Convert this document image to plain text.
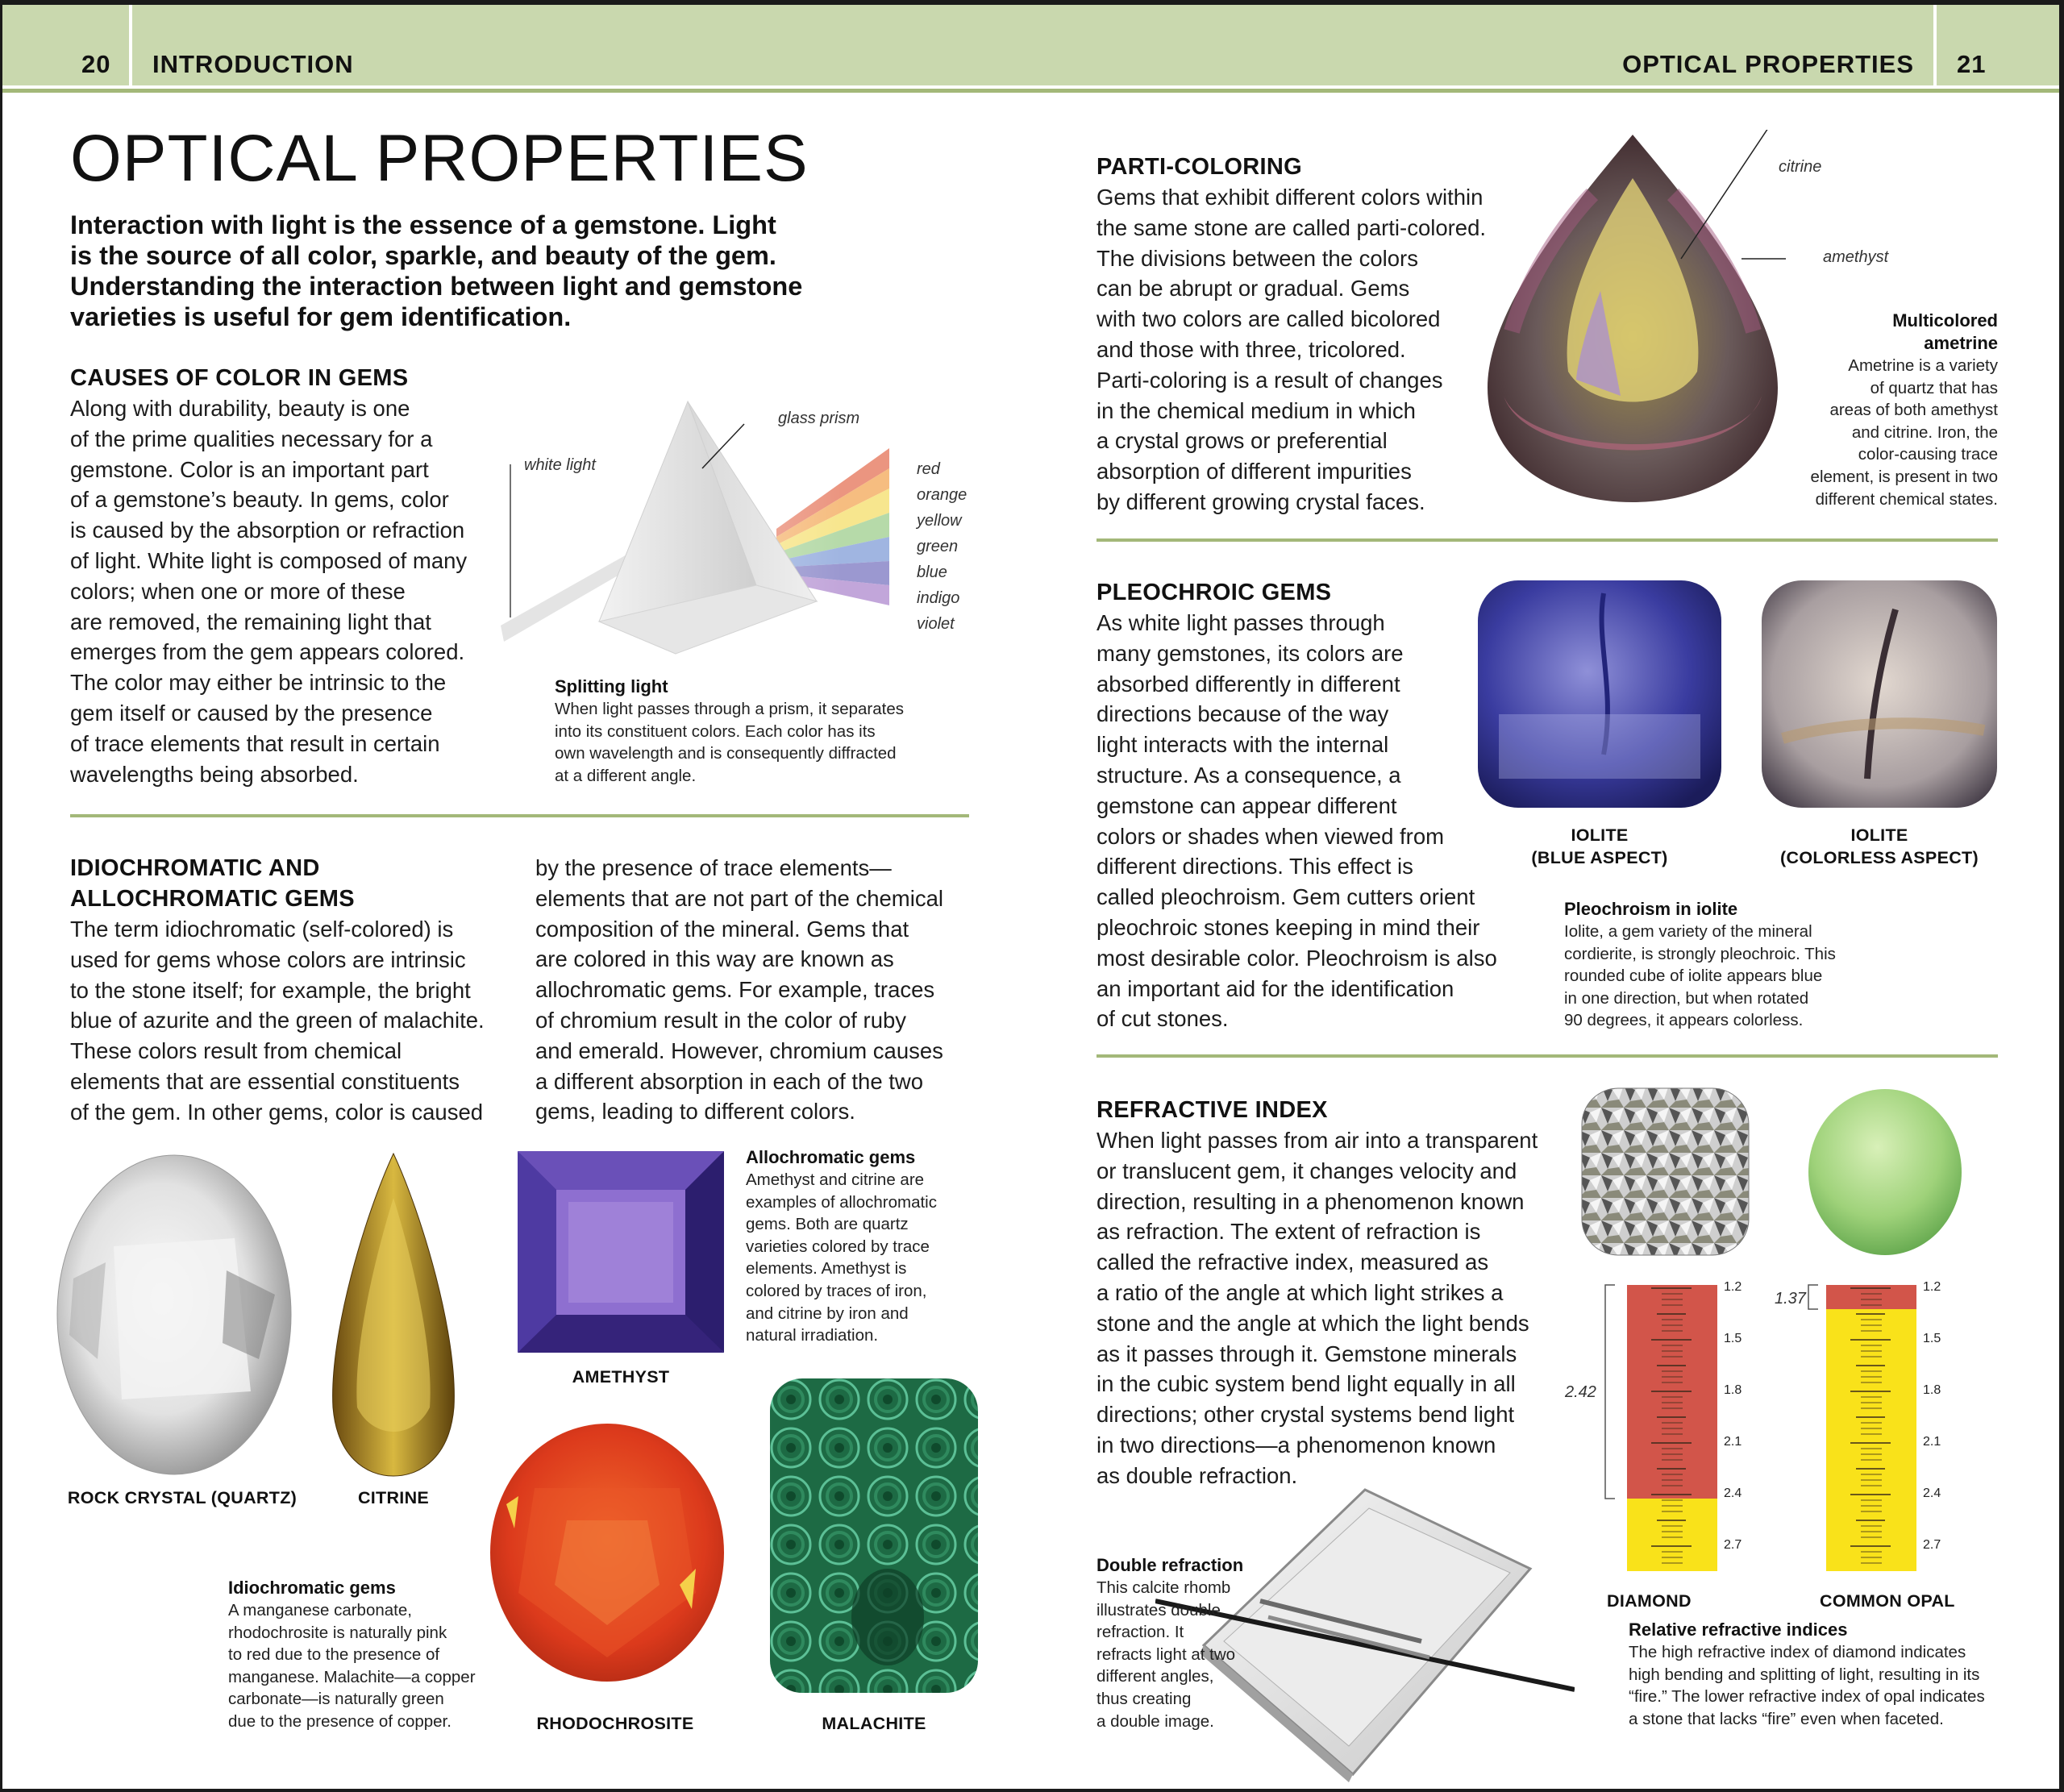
20 INTRODUCTION	OPTICAL PROPERTIES 21
OPTICAL PROPERTIES
Interaction with light is the essence of a gemstone. Light
is the source of all color, sparkle, and beauty of the gem.
Understanding the interaction between light and gemstone
varieties is useful for gem identification.
CAUSES OF COLOR IN GEMS
Along with durability, beauty is one
of the prime qualities necessary for a
gemstone. Color is an important part
of a gemstone’s beauty. In gems, color
is caused by the absorption or refraction
of light. White light is composed of many
colors; when one or more of these
are removed, the remaining light that
emerges from the gem appears colored.
The color may either be intrinsic to the
gem itself or caused by the presence
of trace elements that result in certain
wavelengths being absorbed.
white light
glass prism
red
orange
yellow
green
blue
indigo
violet
Splitting light
When light passes through a prism, it separates
into its constituent colors. Each color has its
own wavelength and is consequently diffracted
at a different angle.
IDIOCHROMATIC AND
ALLOCHROMATIC GEMS
The term idiochromatic (self-colored) is
used for gems whose colors are intrinsic
to the stone itself; for example, the bright
blue of azurite and the green of malachite.
These colors result from chemical
elements that are essential constituents
of the gem. In other gems, color is caused
by the presence of trace elements—
elements that are not part of the chemical
composition of the mineral. Gems that
are colored in this way are known as
allochromatic gems. For example, traces
of chromium result in the color of ruby
and emerald. However, chromium causes
a different absorption in each of the two
gems, leading to different colors.
ROCK CRYSTAL (QUARTZ)	CITRINE
AMETHYST
Allochromatic gems
Amethyst and citrine are
examples of allochromatic
gems. Both are quartz
varieties colored by trace
elements. Amethyst is
colored by traces of iron,
and citrine by iron and
natural irradiation.
RHODOCHROSITE	MALACHITE
Idiochromatic gems
A manganese carbonate,
rhodochrosite is naturally pink
to red due to the presence of
manganese. Malachite—a copper
carbonate—is naturally green
due to the presence of copper.
PARTI-COLORING
Gems that exhibit different colors within
the same stone are called parti-colored.
The divisions between the colors
can be abrupt or gradual. Gems
with two colors are called bicolored
and those with three, tricolored.
Parti-coloring is a result of changes
in the chemical medium in which
a crystal grows or preferential
absorption of different impurities
by different growing crystal faces.
citrine
amethyst
Multicolored
ametrine
Ametrine is a variety
of quartz that has
areas of both amethyst
and citrine. Iron, the
color-causing trace
element, is present in two
different chemical states.
PLEOCHROIC GEMS
As white light passes through
many gemstones, its colors are
absorbed differently in different
directions because of the way
light interacts with the internal
structure. As a consequence, a
gemstone can appear different
colors or shades when viewed from
different directions. This effect is
called pleochroism. Gem cutters orient
pleochroic stones keeping in mind their
most desirable color. Pleochroism is also
an important aid for the identification
of cut stones.
IOLITE
(BLUE ASPECT)
IOLITE
(COLORLESS ASPECT)
Pleochroism in iolite
Iolite, a gem variety of the mineral
cordierite, is strongly pleochroic. This
rounded cube of iolite appears blue
in one direction, but when rotated
90 degrees, it appears colorless.
REFRACTIVE INDEX
When light passes from air into a transparent
or translucent gem, it changes velocity and
direction, resulting in a phenomenon known
as refraction. The extent of refraction is
called the refractive index, measured as
a ratio of the angle at which light strikes a
stone and the angle at which the light bends
as it passes through it. Gemstone minerals
in the cubic system bend light equally in all
directions; other crystal systems bend light
in two directions—a phenomenon known
as double refraction.
1.2
1.5
1.8
2.1
2.4
2.7
1.2
1.5
1.8
2.1
2.4
2.7
2.42
1.37
DIAMOND	COMMON OPAL
Relative refractive indices
The high refractive index of diamond indicates
high bending and splitting of light, resulting in its
“fire.” The lower refractive index of opal indicates
a stone that lacks “fire” even when faceted.
Double refraction
This calcite rhomb
illustrates double
refraction. It
refracts light at two
different angles,
thus creating
a double image.
